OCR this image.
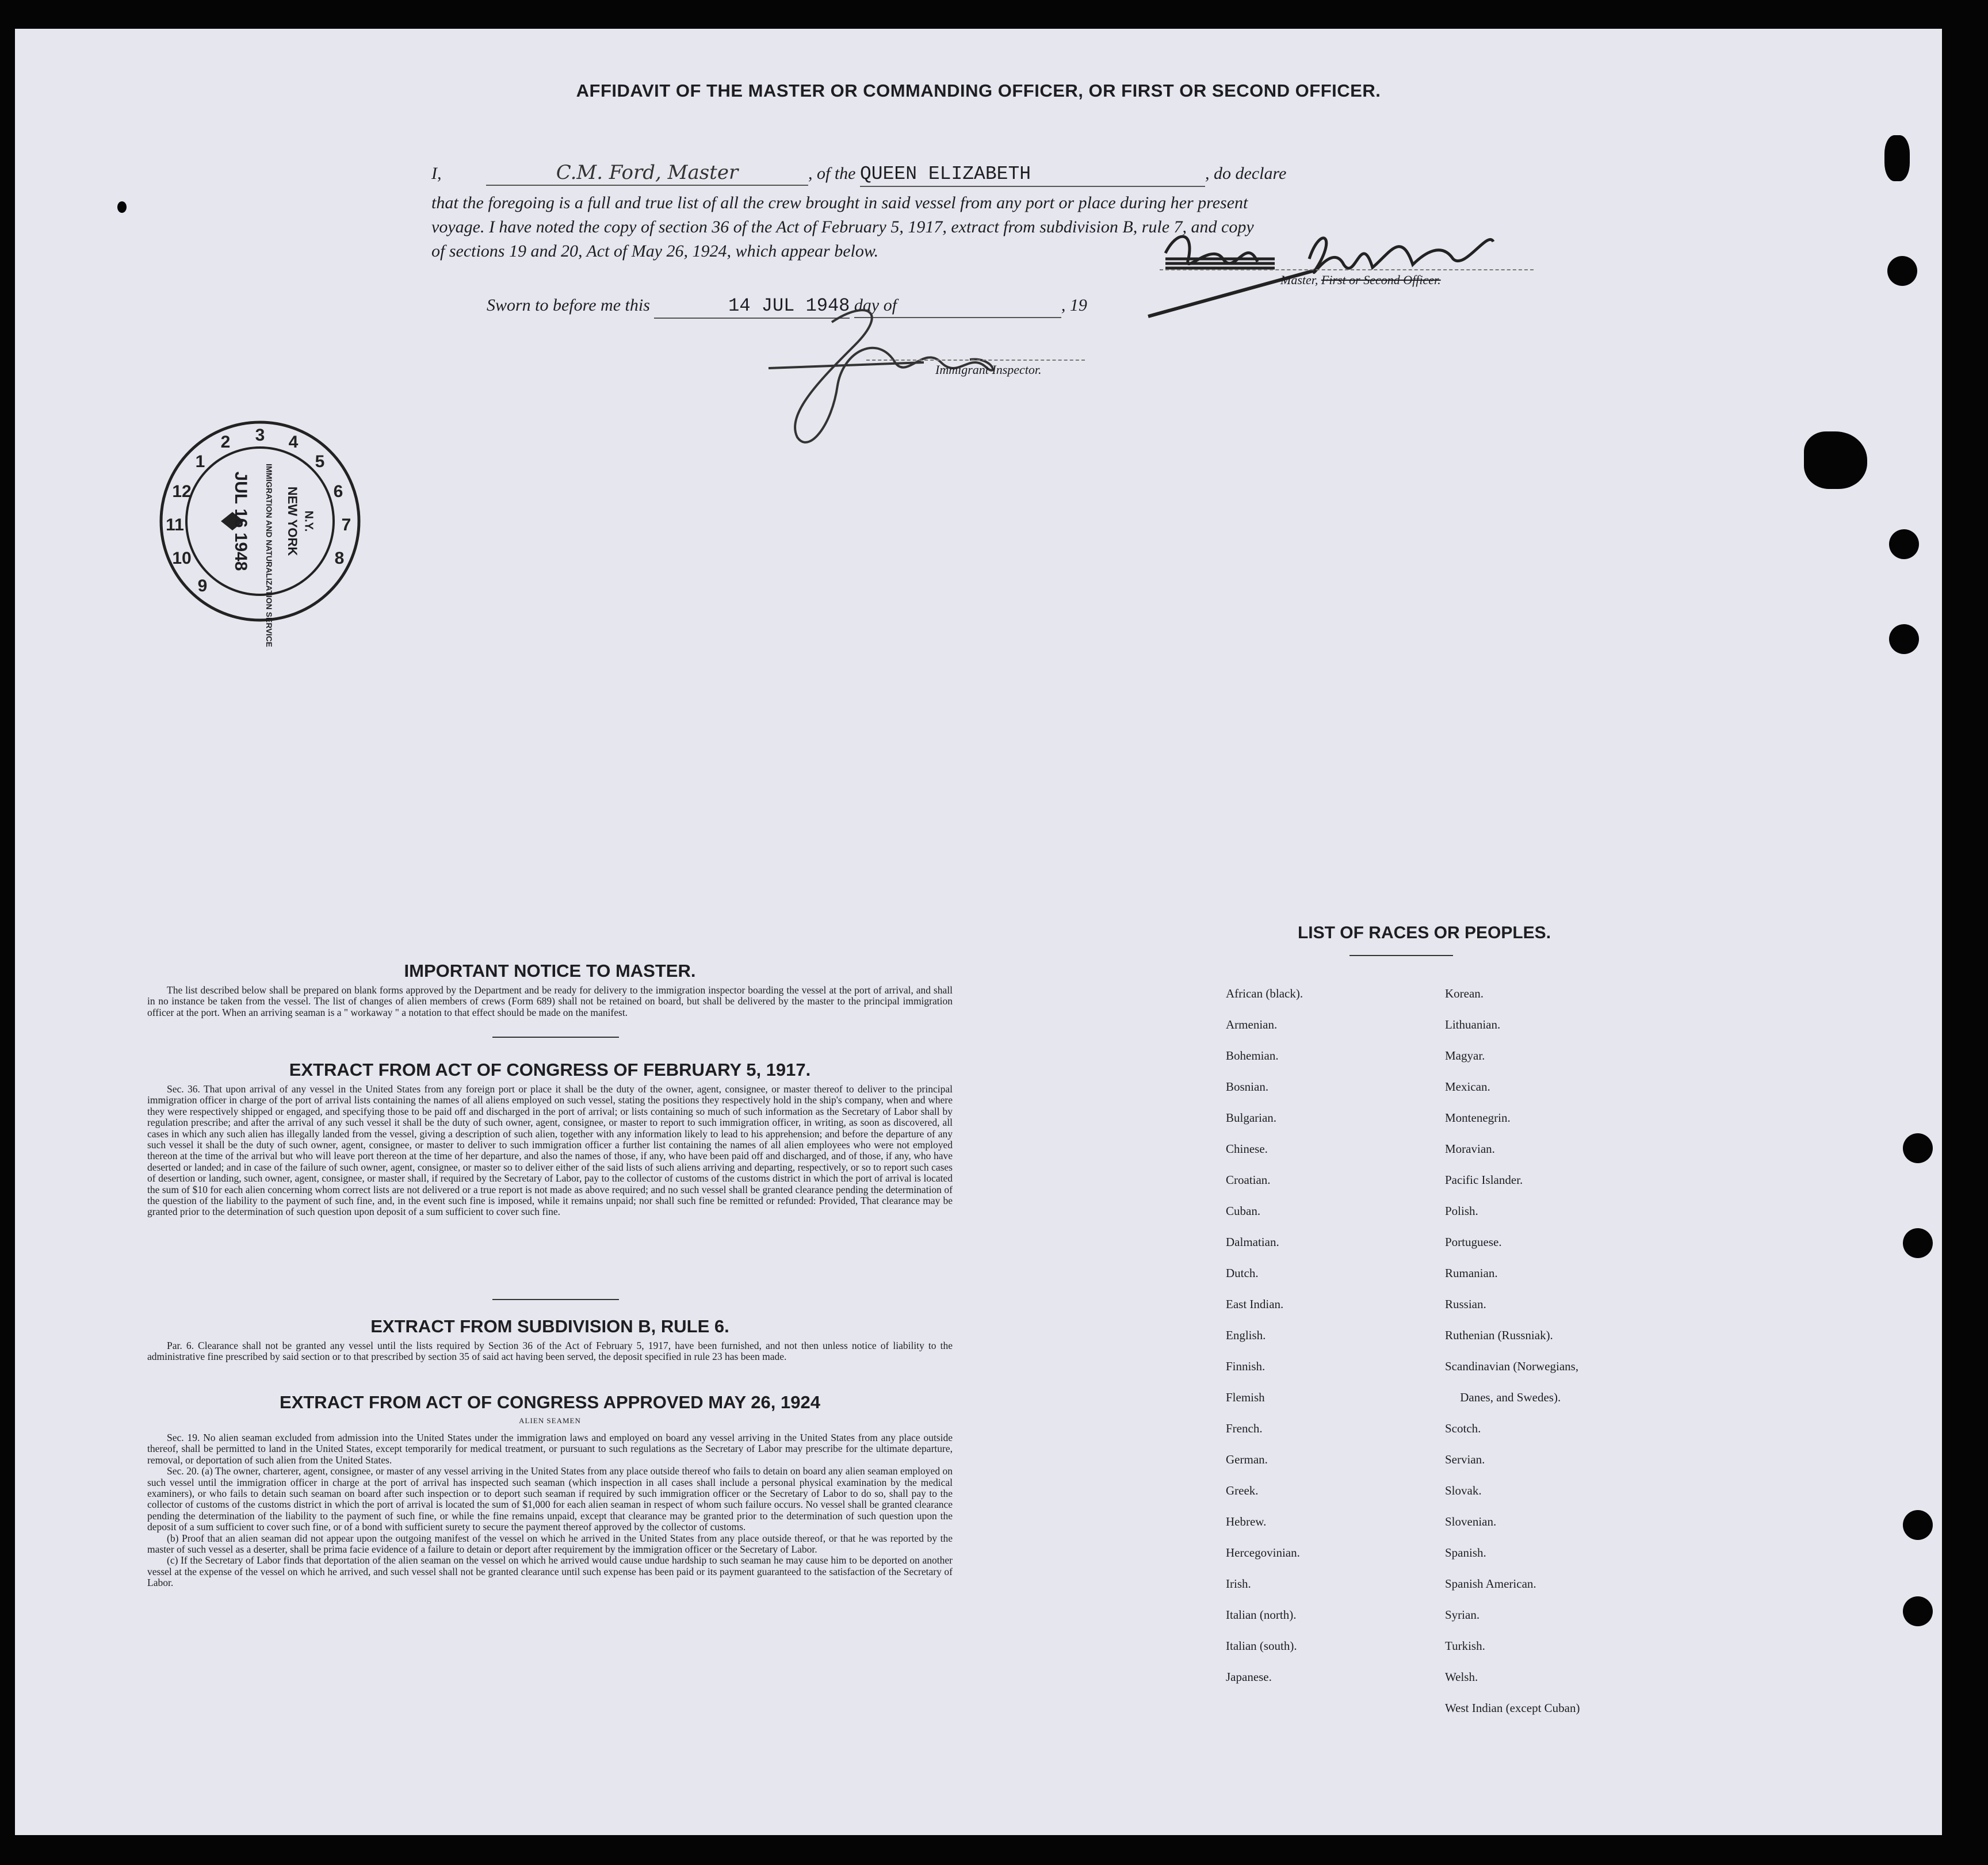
AFFIDAVIT OF THE MASTER OR COMMANDING OFFICER, OR FIRST OR SECOND OFFICER.
I,	C.M. Ford, Master	, of the QUEEN ELIZABETH	, do declare
that the foregoing is a full and true list of all the crew brought in said vessel from any port or place during her present
voyage. I have noted the copy of section 36 of the Act of February 5, 1917, extract from subdivision B, rule 7, and copy
of sections 19 and 20, Act of May 26, 1924, which appear below.
Master, First or Second Officer.
Sworn to before me this	14 JUL 1948 day of	, 19
Immigrant Inspector.
3 4
5
6
7
8
2
1
12
11
10
9
JUL 16 1948 IMMIGRATION AND NATURALIZATION SERVICE NEW YORK N.Y.
IMPORTANT NOTICE TO MASTER.

The list described below shall be prepared on blank forms approved by the Department and be ready for delivery to the immigration inspector boarding the vessel at the port of arrival, and shall in no instance be taken from the vessel. The list of changes of alien members of crews (Form 689) shall not be retained on board, but shall be delivered by the master to the principal immigration officer at the port. When an arriving seaman is a " workaway " a notation to that effect should be made on the manifest.

EXTRACT FROM ACT OF CONGRESS OF FEBRUARY 5, 1917.

Sec. 36. That upon arrival of any vessel in the United States from any foreign port or place it shall be the duty of the owner, agent, consignee, or master thereof to deliver to the principal immigration officer in charge of the port of arrival lists containing the names of all aliens employed on such vessel, stating the positions they respectively hold in the ship's company, when and where they were respectively shipped or engaged, and specifying those to be paid off and discharged in the port of arrival; or lists containing so much of such information as the Secretary of Labor shall by regulation prescribe; and after the arrival of any such vessel it shall be the duty of such owner, agent, consignee, or master to report to such immigration officer, in writing, as soon as discovered, all cases in which any such alien has illegally landed from the vessel, giving a description of such alien, together with any information likely to lead to his apprehension; and before the departure of any such vessel it shall be the duty of such owner, agent, consignee, or master to deliver to such immigration officer a further list containing the names of all alien employees who were not employed thereon at the time of the arrival but who will leave port thereon at the time of her departure, and also the names of those, if any, who have been paid off and discharged, and of those, if any, who have deserted or landed; and in case of the failure of such owner, agent, consignee, or master so to deliver either of the said lists of such aliens arriving and departing, respectively, or so to report such cases of desertion or landing, such owner, agent, consignee, or master shall, if required by the Secretary of Labor, pay to the collector of customs of the customs district in which the port of arrival is located the sum of $10 for each alien concerning whom correct lists are not delivered or a true report is not made as above required; and no such vessel shall be granted clearance pending the determination of the question of the liability to the payment of such fine, and, in the event such fine is imposed, while it remains unpaid; nor shall such fine be remitted or refunded: Provided, That clearance may be granted prior to the determination of such question upon deposit of a sum sufficient to cover such fine.

EXTRACT FROM SUBDIVISION B, RULE 6.

Par. 6. Clearance shall not be granted any vessel until the lists required by Section 36 of the Act of February 5, 1917, have been furnished, and not then unless notice of liability to the administrative fine prescribed by said section or to that prescribed by section 35 of said act having been served, the deposit specified in rule 23 has been made.

EXTRACT FROM ACT OF CONGRESS APPROVED MAY 26, 1924
ALIEN SEAMEN

Sec. 19. No alien seaman excluded from admission into the United States under the immigration laws and employed on board any vessel arriving in the United States from any place outside thereof, shall be permitted to land in the United States, except temporarily for medical treatment, or pursuant to such regulations as the Secretary of Labor may prescribe for the ultimate departure, removal, or deportation of such alien from the United States.

Sec. 20. (a) The owner, charterer, agent, consignee, or master of any vessel arriving in the United States from any place outside thereof who fails to detain on board any alien seaman employed on such vessel until the immigration officer in charge at the port of arrival has inspected such seaman (which inspection in all cases shall include a personal physical examination by the medical examiners), or who fails to detain such seaman on board after such inspection or to deport such seaman if required by such immigration officer or the Secretary of Labor to do so, shall pay to the collector of customs of the customs district in which the port of arrival is located the sum of $1,000 for each alien seaman in respect of whom such failure occurs. No vessel shall be granted clearance pending the determination of the liability to the payment of such fine, or while the fine remains unpaid, except that clearance may be granted prior to the determination of such question upon the deposit of a sum sufficient to cover such fine, or of a bond with sufficient surety to secure the payment thereof approved by the collector of customs.

(b) Proof that an alien seaman did not appear upon the outgoing manifest of the vessel on which he arrived in the United States from any place outside thereof, or that he was reported by the master of such vessel as a deserter, shall be prima facie evidence of a failure to detain or deport after requirement by the immigration officer or the Secretary of Labor.

(c) If the Secretary of Labor finds that deportation of the alien seaman on the vessel on which he arrived would cause undue hardship to such seaman he may cause him to be deported on another vessel at the expense of the vessel on which he arrived, and such vessel shall not be granted clearance until such expense has been paid or its payment guaranteed to the satisfaction of the Secretary of Labor.

LIST OF RACES OR PEOPLES.
African (black).
Armenian.
Bohemian.
Bosnian.
Bulgarian.
Chinese.
Croatian.
Cuban.
Dalmatian.
Dutch.
East Indian.
English.
Finnish.
Flemish
French.
German.
Greek.
Hebrew.
Hercegovinian.
Irish.
Italian (north).
Italian (south).
Japanese.
Korean.
Lithuanian.
Magyar.
Mexican.
Montenegrin.
Moravian.
Pacific Islander.
Polish.
Portuguese.
Rumanian.
Russian.
Ruthenian (Russniak).
Scandinavian (Norwegians,
Danes, and Swedes).
Scotch.
Servian.
Slovak.
Slovenian.
Spanish.
Spanish American.
Syrian.
Turkish.
Welsh.
West Indian (except Cuban)
